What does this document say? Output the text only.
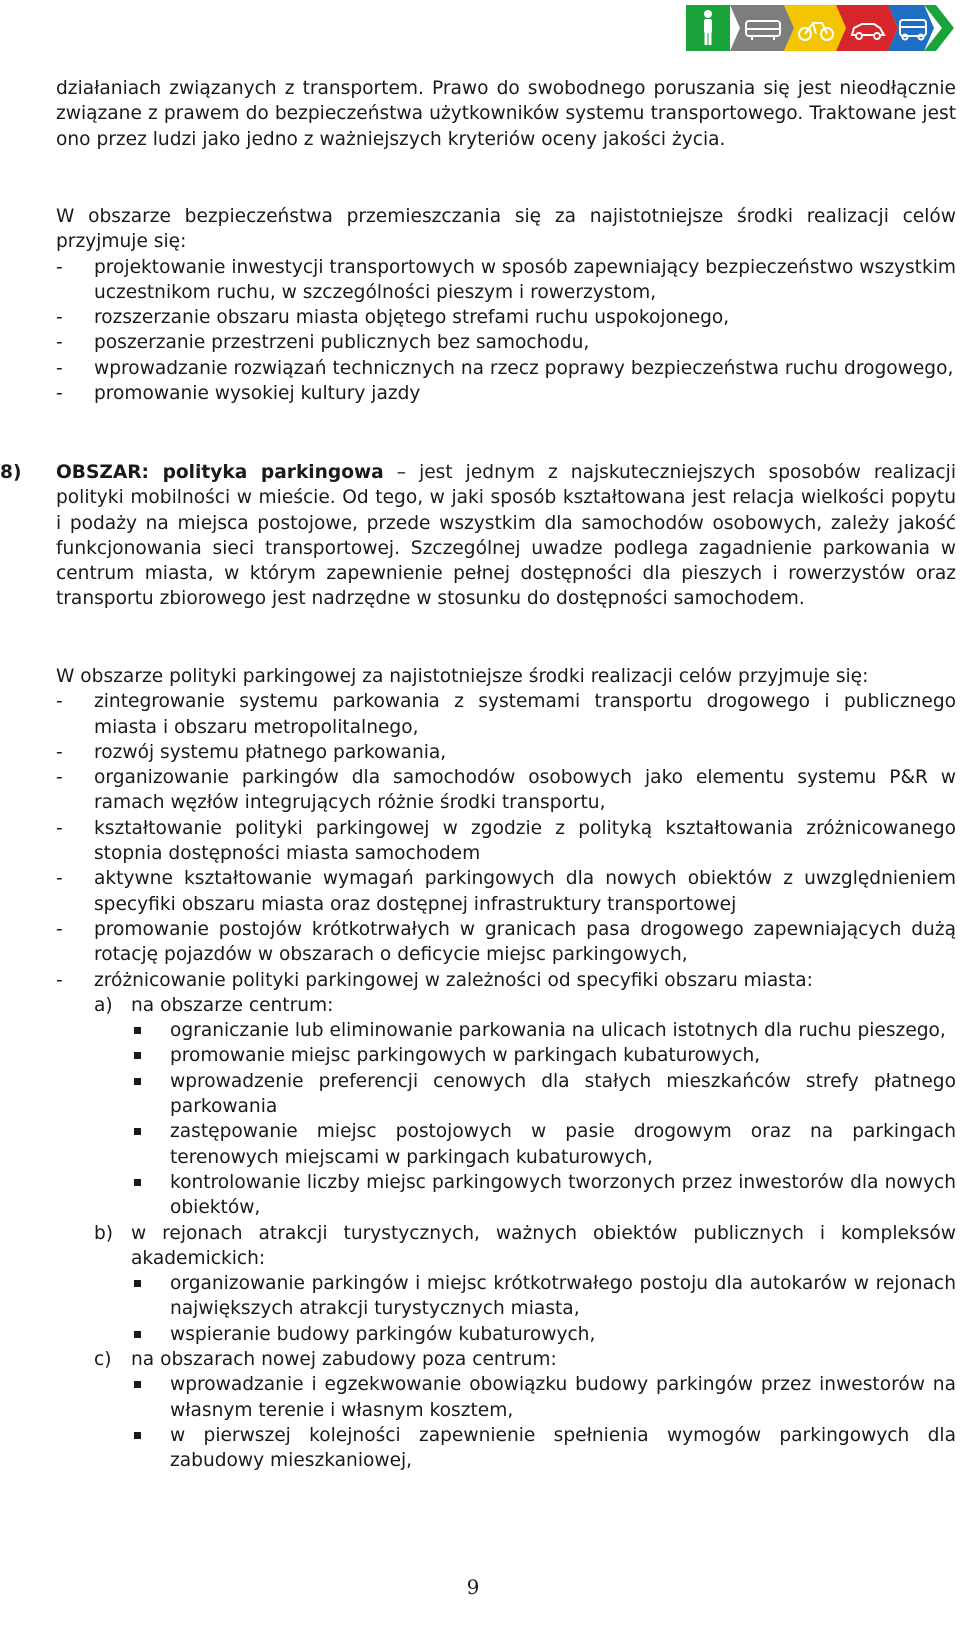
działaniach związanych z transportem. Prawo do swobodnego poruszania się jest nieodłącznie związane z prawem do bezpieczeństwa użytkowników systemu transportowego. Traktowane jest ono przez ludzi jako jedno z ważniejszych kryteriów oceny jakości życia.

W obszarze bezpieczeństwa przemieszczania się za najistotniejsze środki realizacji celów przyjmuje się:

- projektowanie inwestycji transportowych w sposób zapewniający bezpieczeństwo wszystkim uczestnikom ruchu, w szczególności pieszym i rowerzystom,
- rozszerzanie obszaru miasta objętego strefami ruchu uspokojonego,
- poszerzanie przestrzeni publicznych bez samochodu,
- wprowadzanie rozwiązań technicznych na rzecz poprawy bezpieczeństwa ruchu drogowego,
- promowanie wysokiej kultury jazdy
8) OBSZAR: polityka parkingowa – jest jednym z najskuteczniejszych sposobów realizacji polityki mobilności w mieście. Od tego, w jaki sposób kształtowana jest relacja wielkości popytu i podaży na miejsca postojowe, przede wszystkim dla samochodów osobowych, zależy jakość funkcjonowania sieci transportowej. Szczególnej uwadze podlega zagadnienie parkowania w centrum miasta, w którym zapewnienie pełnej dostępności dla pieszych i rowerzystów oraz transportu zbiorowego jest nadrzędne w stosunku do dostępności samochodem.

W obszarze polityki parkingowej za najistotniejsze środki realizacji celów przyjmuje się:

- zintegrowanie systemu parkowania z systemami transportu drogowego i publicznego miasta i obszaru metropolitalnego,
- rozwój systemu płatnego parkowania,
- organizowanie parkingów dla samochodów osobowych jako elementu systemu P&R w ramach węzłów integrujących różnie środki transportu,
- kształtowanie polityki parkingowej w zgodzie z polityką kształtowania zróżnicowanego stopnia dostępności miasta samochodem
- aktywne kształtowanie wymagań parkingowych dla nowych obiektów z uwzględnieniem specyfiki obszaru miasta oraz dostępnej infrastruktury transportowej
- promowanie postojów krótkotrwałych w granicach pasa drogowego zapewniających dużą rotację pojazdów w obszarach o deficycie miejsc parkingowych,
- zróżnicowanie polityki parkingowej w zależności od specyfiki obszaru miasta:
a) na obszarze centrum:
ograniczanie lub eliminowanie parkowania na ulicach istotnych dla ruchu pieszego,
promowanie miejsc parkingowych w parkingach kubaturowych,
wprowadzenie preferencji cenowych dla stałych mieszkańców strefy płatnego parkowania
zastępowanie miejsc postojowych w pasie drogowym oraz na parkingach terenowych miejscami w parkingach kubaturowych,
kontrolowanie liczby miejsc parkingowych tworzonych przez inwestorów dla nowych obiektów,
b) w rejonach atrakcji turystycznych, ważnych obiektów publicznych i kompleksów akademickich:
organizowanie parkingów i miejsc krótkotrwałego postoju dla autokarów w rejonach największych atrakcji turystycznych miasta,
wspieranie budowy parkingów kubaturowych,
c) na obszarach nowej zabudowy poza centrum:
wprowadzanie i egzekwowanie obowiązku budowy parkingów przez inwestorów na własnym terenie i własnym kosztem,
w pierwszej kolejności zapewnienie spełnienia wymogów parkingowych dla zabudowy mieszkaniowej,
9
